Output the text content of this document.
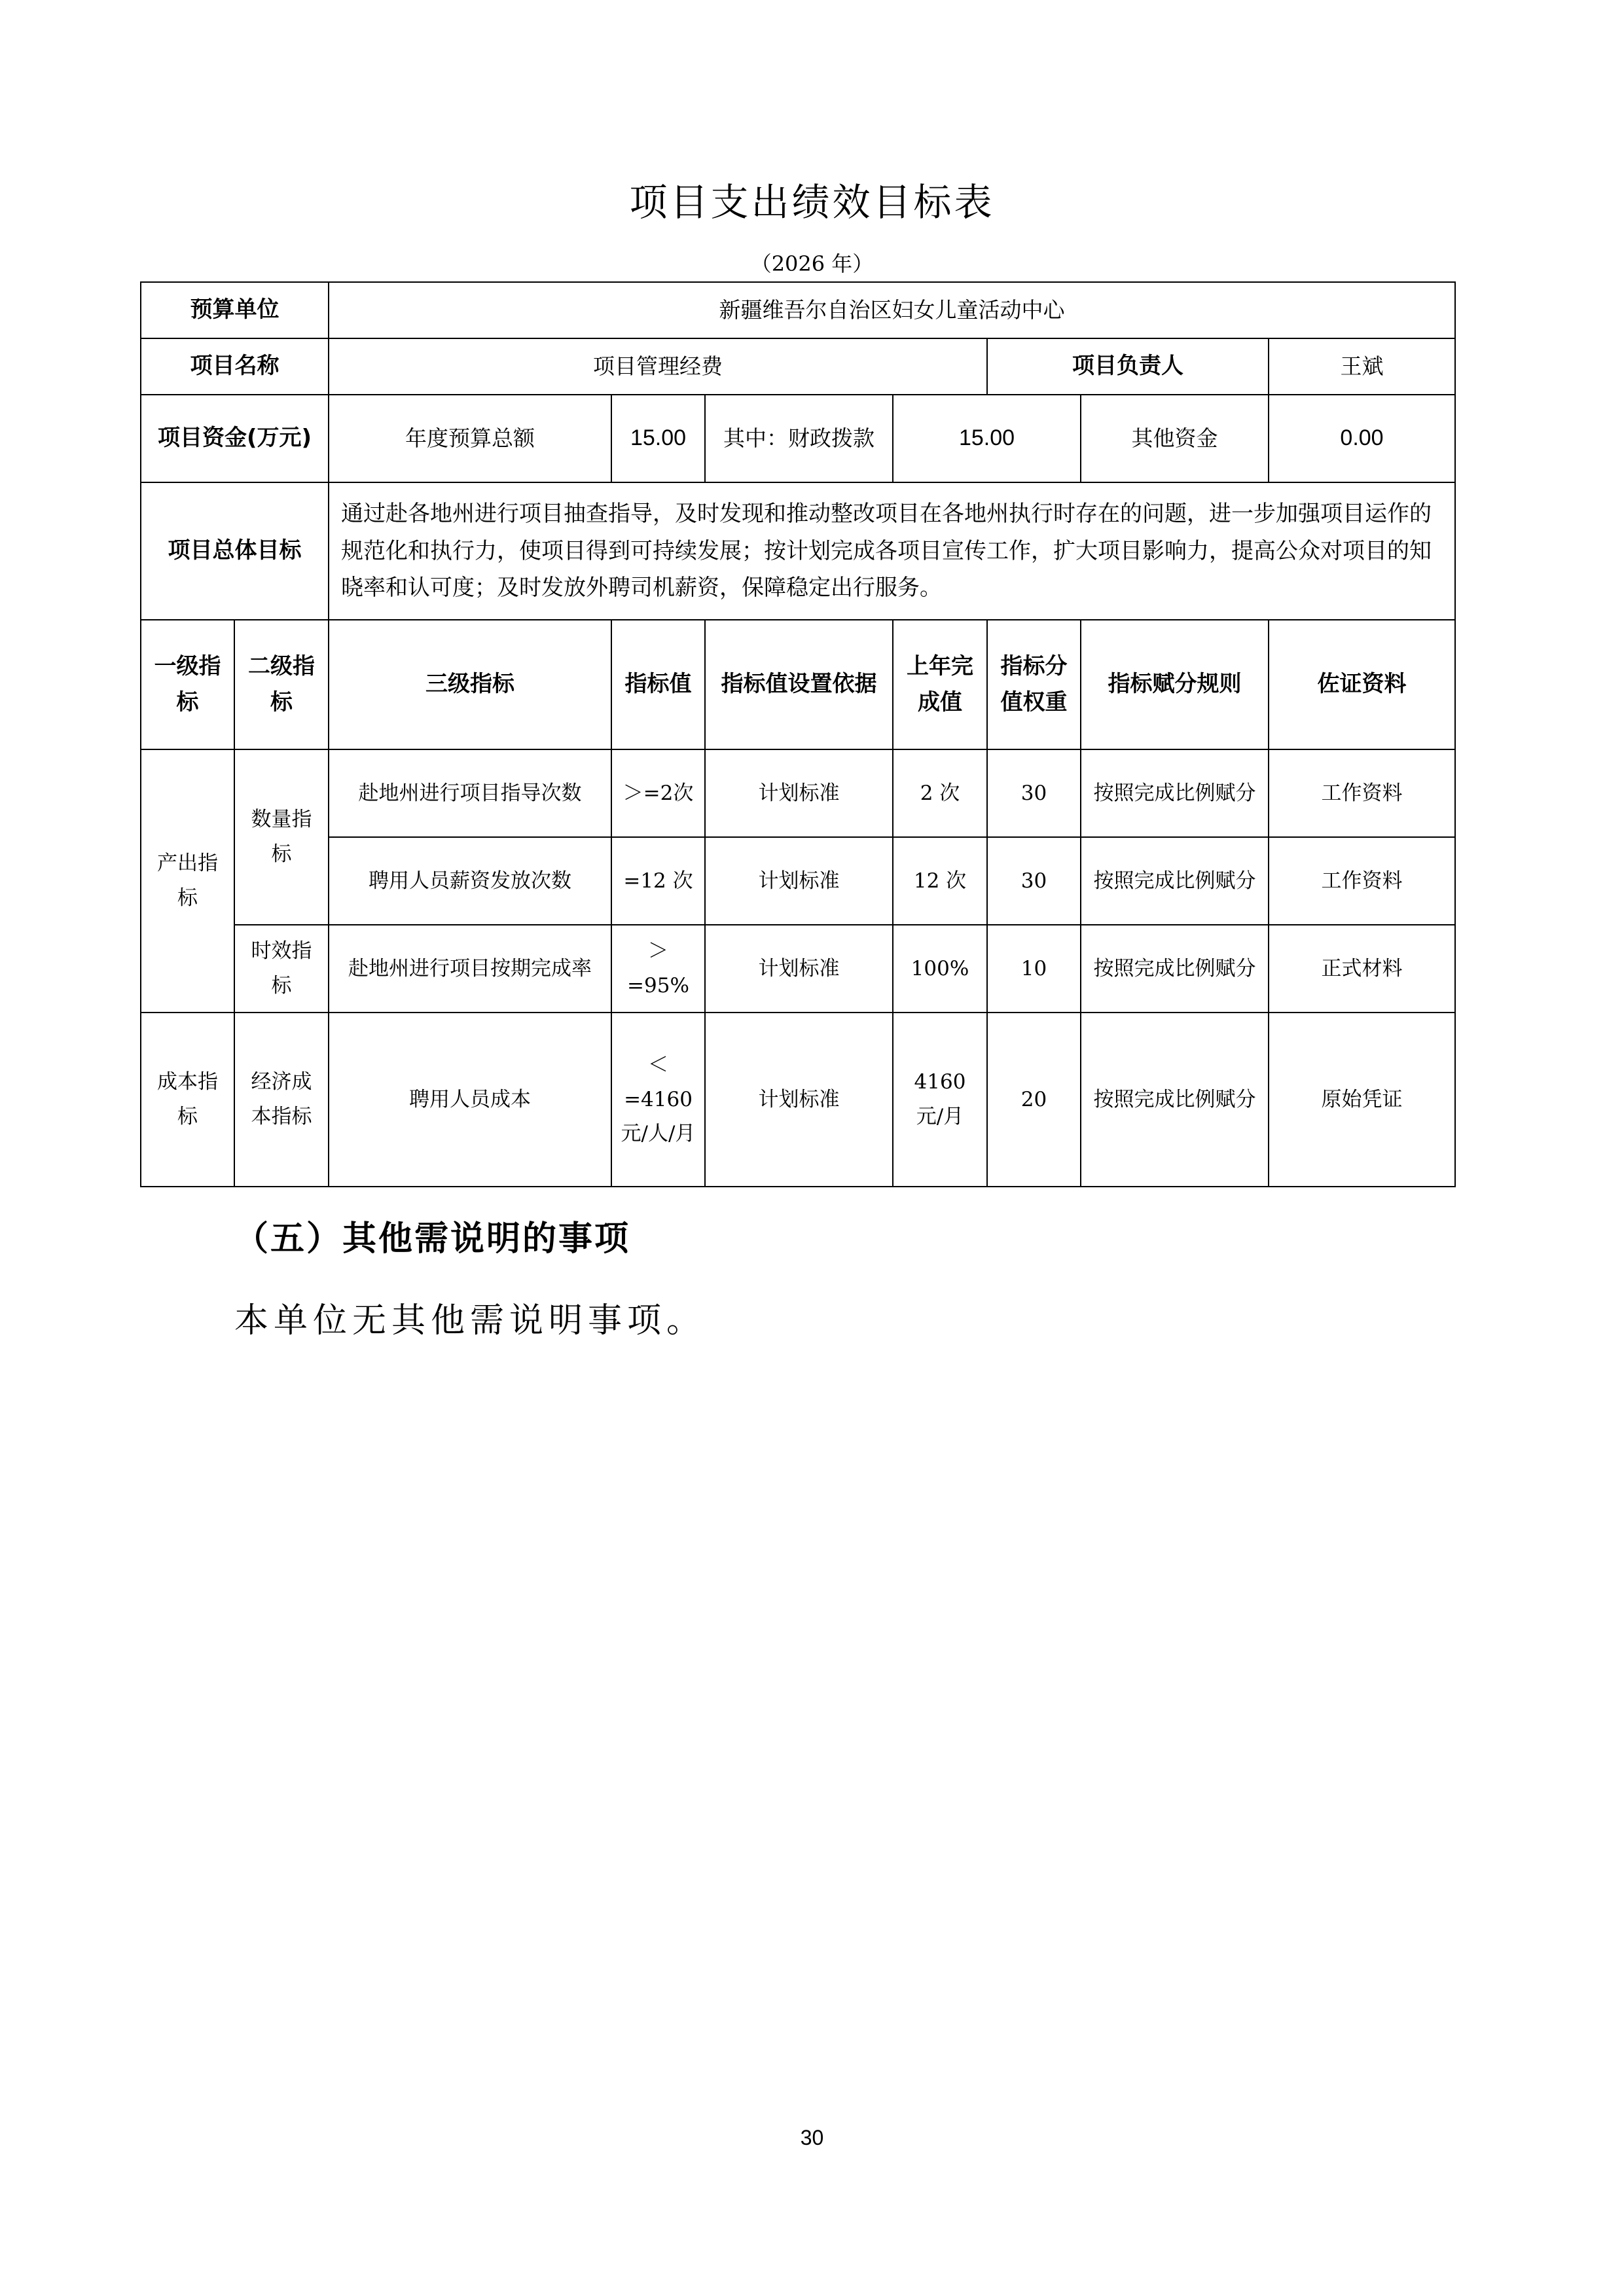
项目支出绩效目标表
（2026 年）
预算单位		新疆维吾尔自治区妇女儿童活动中心						
项目名称		项目管理经费				项目负责人		王斌
项目资金(万元)		年度预算总额	15.00	其中：财政拨款	15.00		其他资金	0.00
项目总体目标		通过赴各地州进行项目抽查指导，及时发现和推动整改项目在各地州执行时存在的问题，进一步加强项目运作的规范化和执行力，使项目得到可持续发展；按计划完成各项目宣传工作，扩大项目影响力，提高公众对项目的知晓率和认可度；及时发放外聘司机薪资，保障稳定出行服务。						
一级指标	二级指标	三级指标	指标值	指标值设置依据	上年完成值	指标分值权重	指标赋分规则	佐证资料
产出指标	数量指标	赴地州进行项目指导次数	＞=2次	计划标准	2 次	30	按照完成比例赋分	工作资料
		聘用人员薪资发放次数	=12 次	计划标准	12 次	30	按照完成比例赋分	工作资料
	时效指标	赴地州进行项目按期完成率	＞=95%	计划标准	100%	10	按照完成比例赋分	正式材料
成本指标	经济成本指标	聘用人员成本	＜=4160元/人/月	计划标准	4160元/月	20	按照完成比例赋分	原始凭证
（五）其他需说明的事项
本单位无其他需说明事项。
30
